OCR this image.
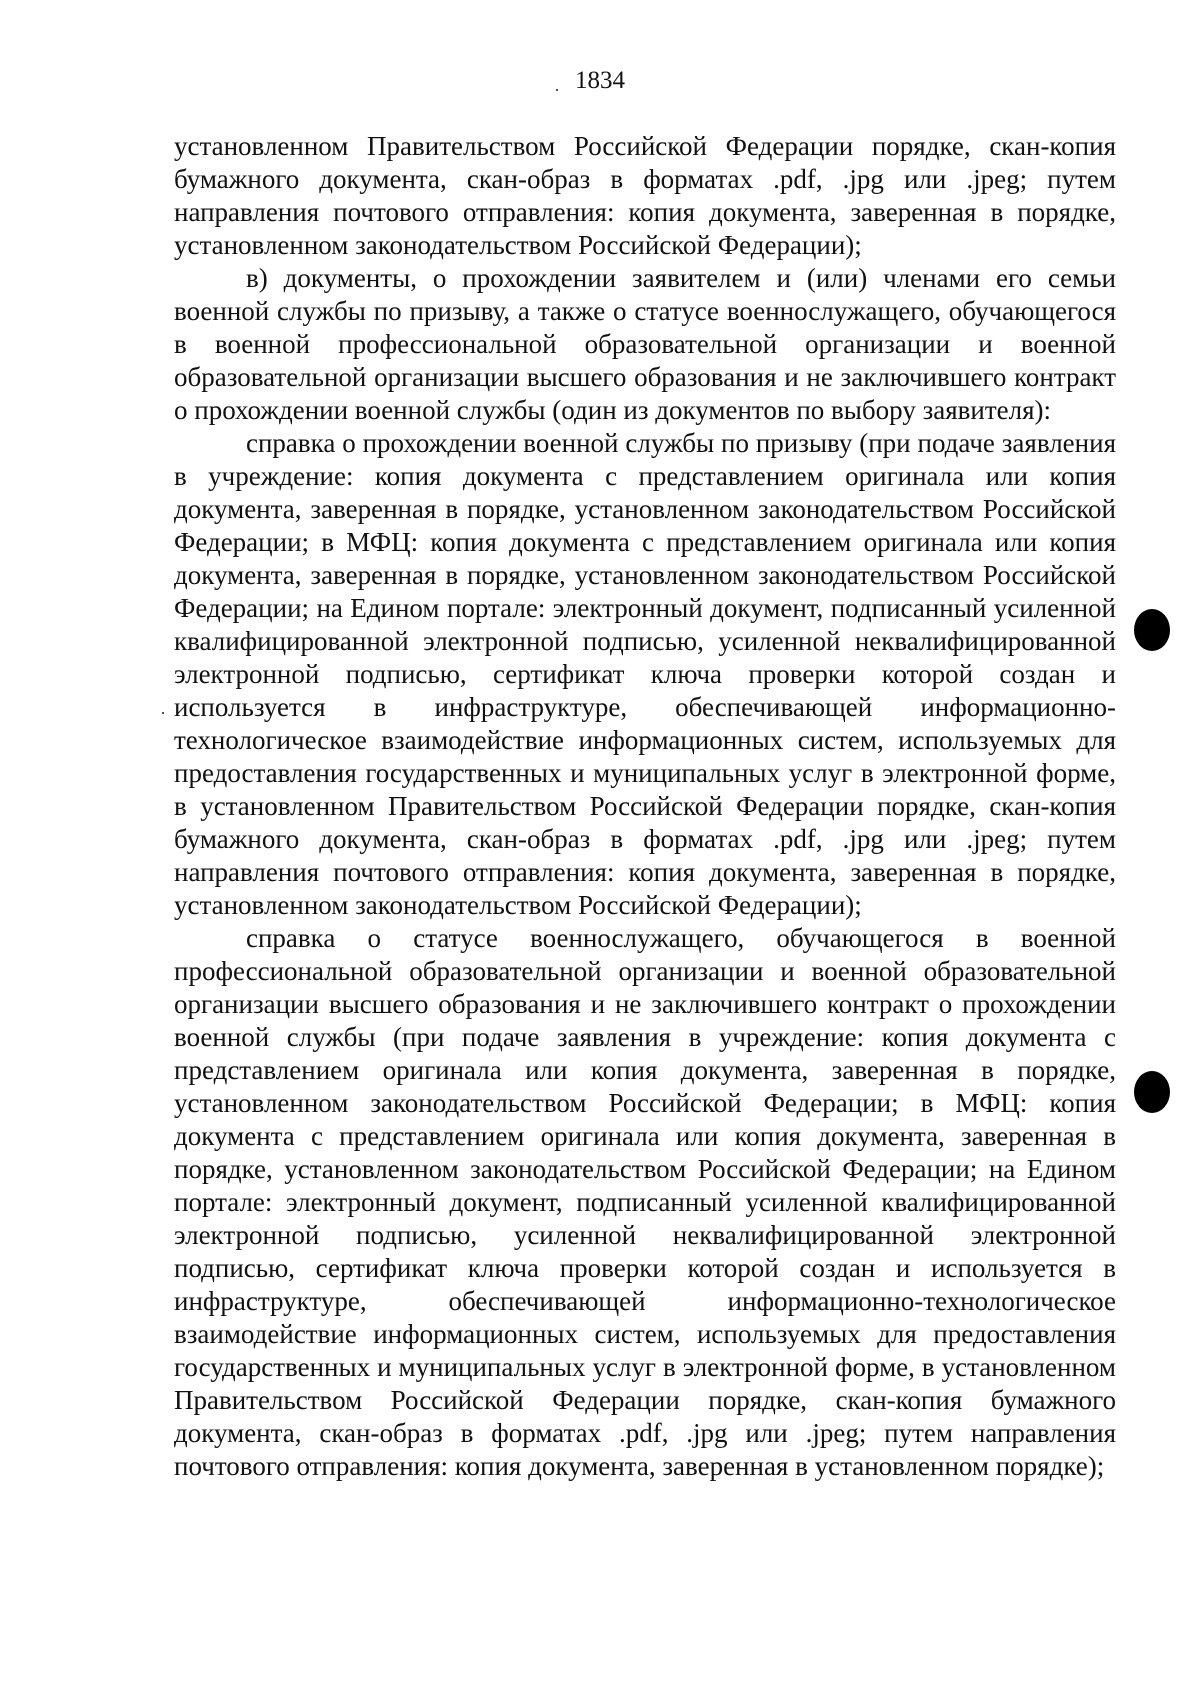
1834

установленном Правительством Российской Федерации порядке, скан-копия бумажного документа, скан-образ в форматах .pdf, .jpg или .jpeg; путем направления почтового отправления: копия документа, заверенная в порядке, установленном законодательством Российской Федерации);

в) документы, о прохождении заявителем и (или) членами его семьи военной службы по призыву, а также о статусе военнослужащего, обучающегося в военной профессиональной образовательной организации и военной образовательной организации высшего образования и не заключившего контракт о прохождении военной службы (один из документов по выбору заявителя):

справка о прохождении военной службы по призыву (при подаче заявления в учреждение: копия документа с представлением оригинала или копия документа, заверенная в порядке, установленном законодательством Российской Федерации; в МФЦ: копия документа с представлением оригинала или копия документа, заверенная в порядке, установленном законодательством Российской Федерации; на Едином портале: электронный документ, подписанный усиленной квалифицированной электронной подписью, усиленной неквалифицированной электронной подписью, сертификат ключа проверки которой создан и используется в инфраструктуре, обеспечивающей информационно-технологическое взаимодействие информационных систем, используемых для предоставления государственных и муниципальных услуг в электронной форме, в установленном Правительством Российской Федерации порядке, скан-копия бумажного документа, скан-образ в форматах .pdf, .jpg или .jpeg; путем направления почтового отправления: копия документа, заверенная в порядке, установленном законодательством Российской Федерации);

справка о статусе военнослужащего, обучающегося в военной профессиональной образовательной организации и военной образовательной организации высшего образования и не заключившего контракт о прохождении военной службы (при подаче заявления в учреждение: копия документа с представлением оригинала или копия документа, заверенная в порядке, установленном законодательством Российской Федерации; в МФЦ: копия документа с представлением оригинала или копия документа, заверенная в порядке, установленном законодательством Российской Федерации; на Едином портале: электронный документ, подписанный усиленной квалифицированной электронной подписью, усиленной неквалифицированной электронной подписью, сертификат ключа проверки которой создан и используется в инфраструктуре, обеспечивающей информационно-технологическое взаимодействие информационных систем, используемых для предоставления государственных и муниципальных услуг в электронной форме, в установленном Правительством Российской Федерации порядке, скан-копия бумажного документа, скан-образ в форматах .pdf, .jpg или .jpeg; путем направления почтового отправления: копия документа, заверенная в установленном порядке);
